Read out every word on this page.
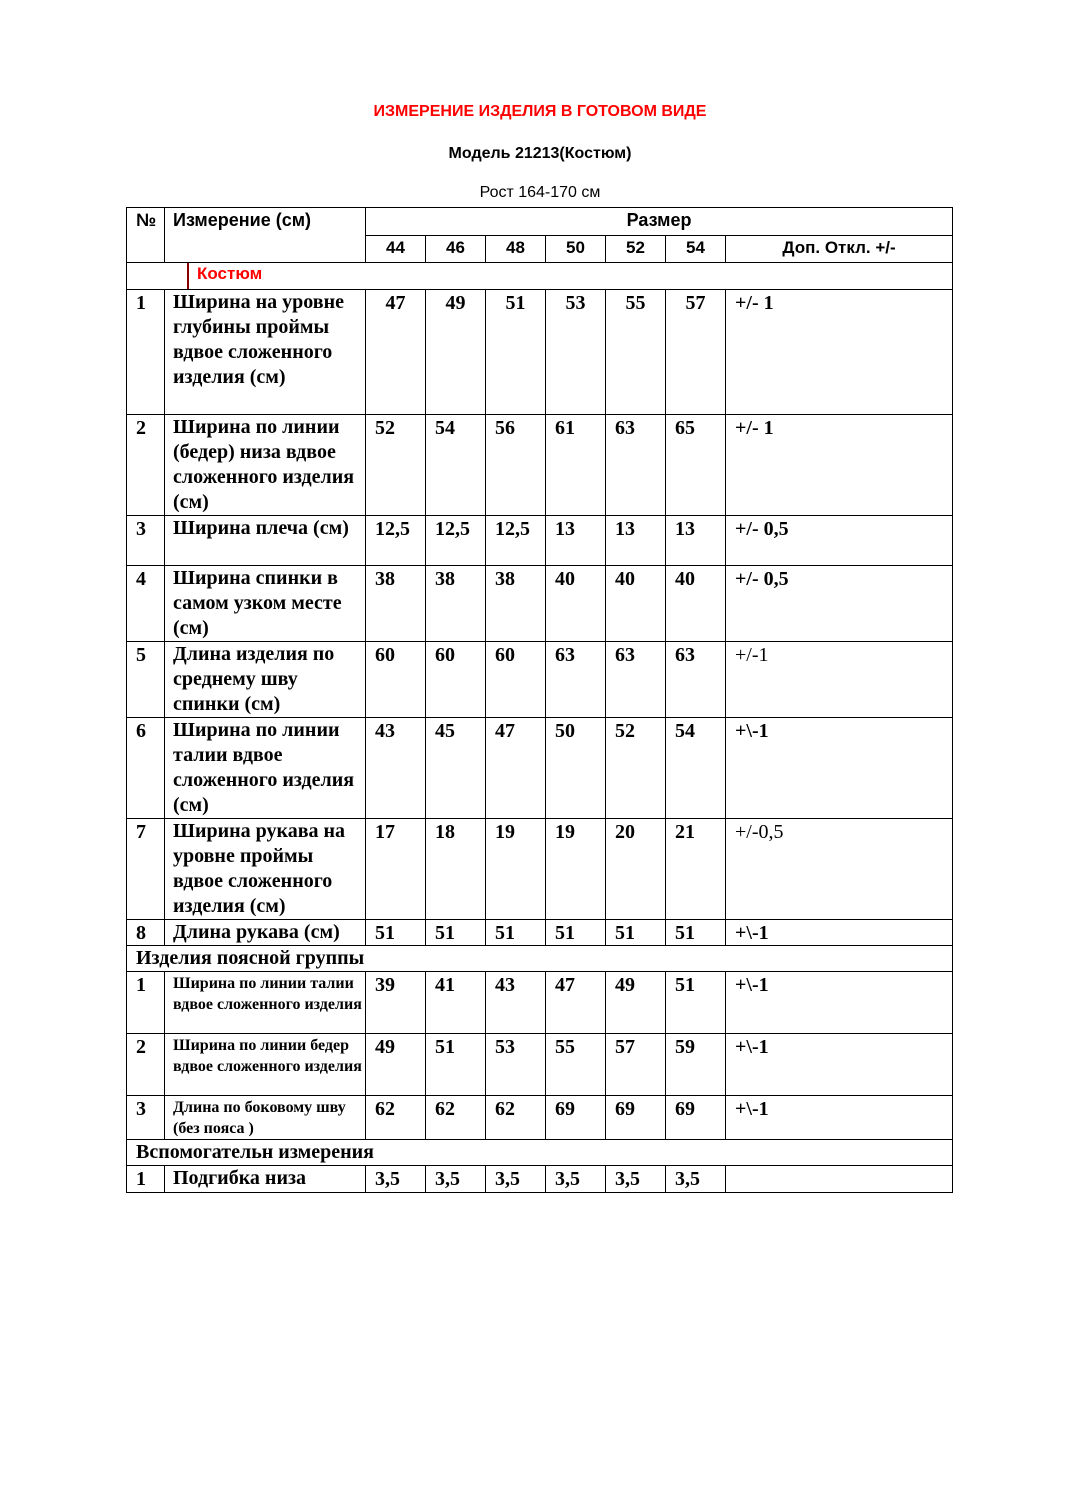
ИЗМЕРЕНИЕ ИЗДЕЛИЯ В ГОТОВОМ ВИДЕ
Модель 21213(Костюм)
Рост 164-170 см
№	Измерение (см)	Размер						
		44	46	48	50	52	54	Доп. Откл. +/-

Костюм								

1	Ширина на уровне глубины проймы вдвое сложенного изделия (см)	47	49	51	53	55	57	+/- 1
2	Ширина по линии (бедер) низа вдвое сложенного изделия (см)	52	54	56	61	63	65	+/- 1
3	Ширина плеча (см)	12,5	12,5	12,5	13	13	13	+/- 0,5
4	Ширина спинки в самом узком месте (см)	38	38	38	40	40	40	+/- 0,5
5	Длина изделия по среднему шву спинки (см)	60	60	60	63	63	63	+/-1
6	Ширина по линии талии вдвое сложенного изделия (см)	43	45	47	50	52	54	+\-1
7	Ширина рукава на уровне проймы вдвое сложенного изделия (см)	17	18	19	19	20	21	+/-0,5
8	Длина рукава (см)	51	51	51	51	51	51	+\-1
Изделия поясной группы								
1	Ширина по линии талии вдвое сложенного изделия	39	41	43	47	49	51	+\-1
2	Ширина по линии бедер вдвое сложенного изделия	49	51	53	55	57	59	+\-1
3	Длина по боковому шву (без пояса )	62	62	62	69	69	69	+\-1
Вспомогательн измерения								
1	Подгибка низа	3,5	3,5	3,5	3,5	3,5	3,5	
